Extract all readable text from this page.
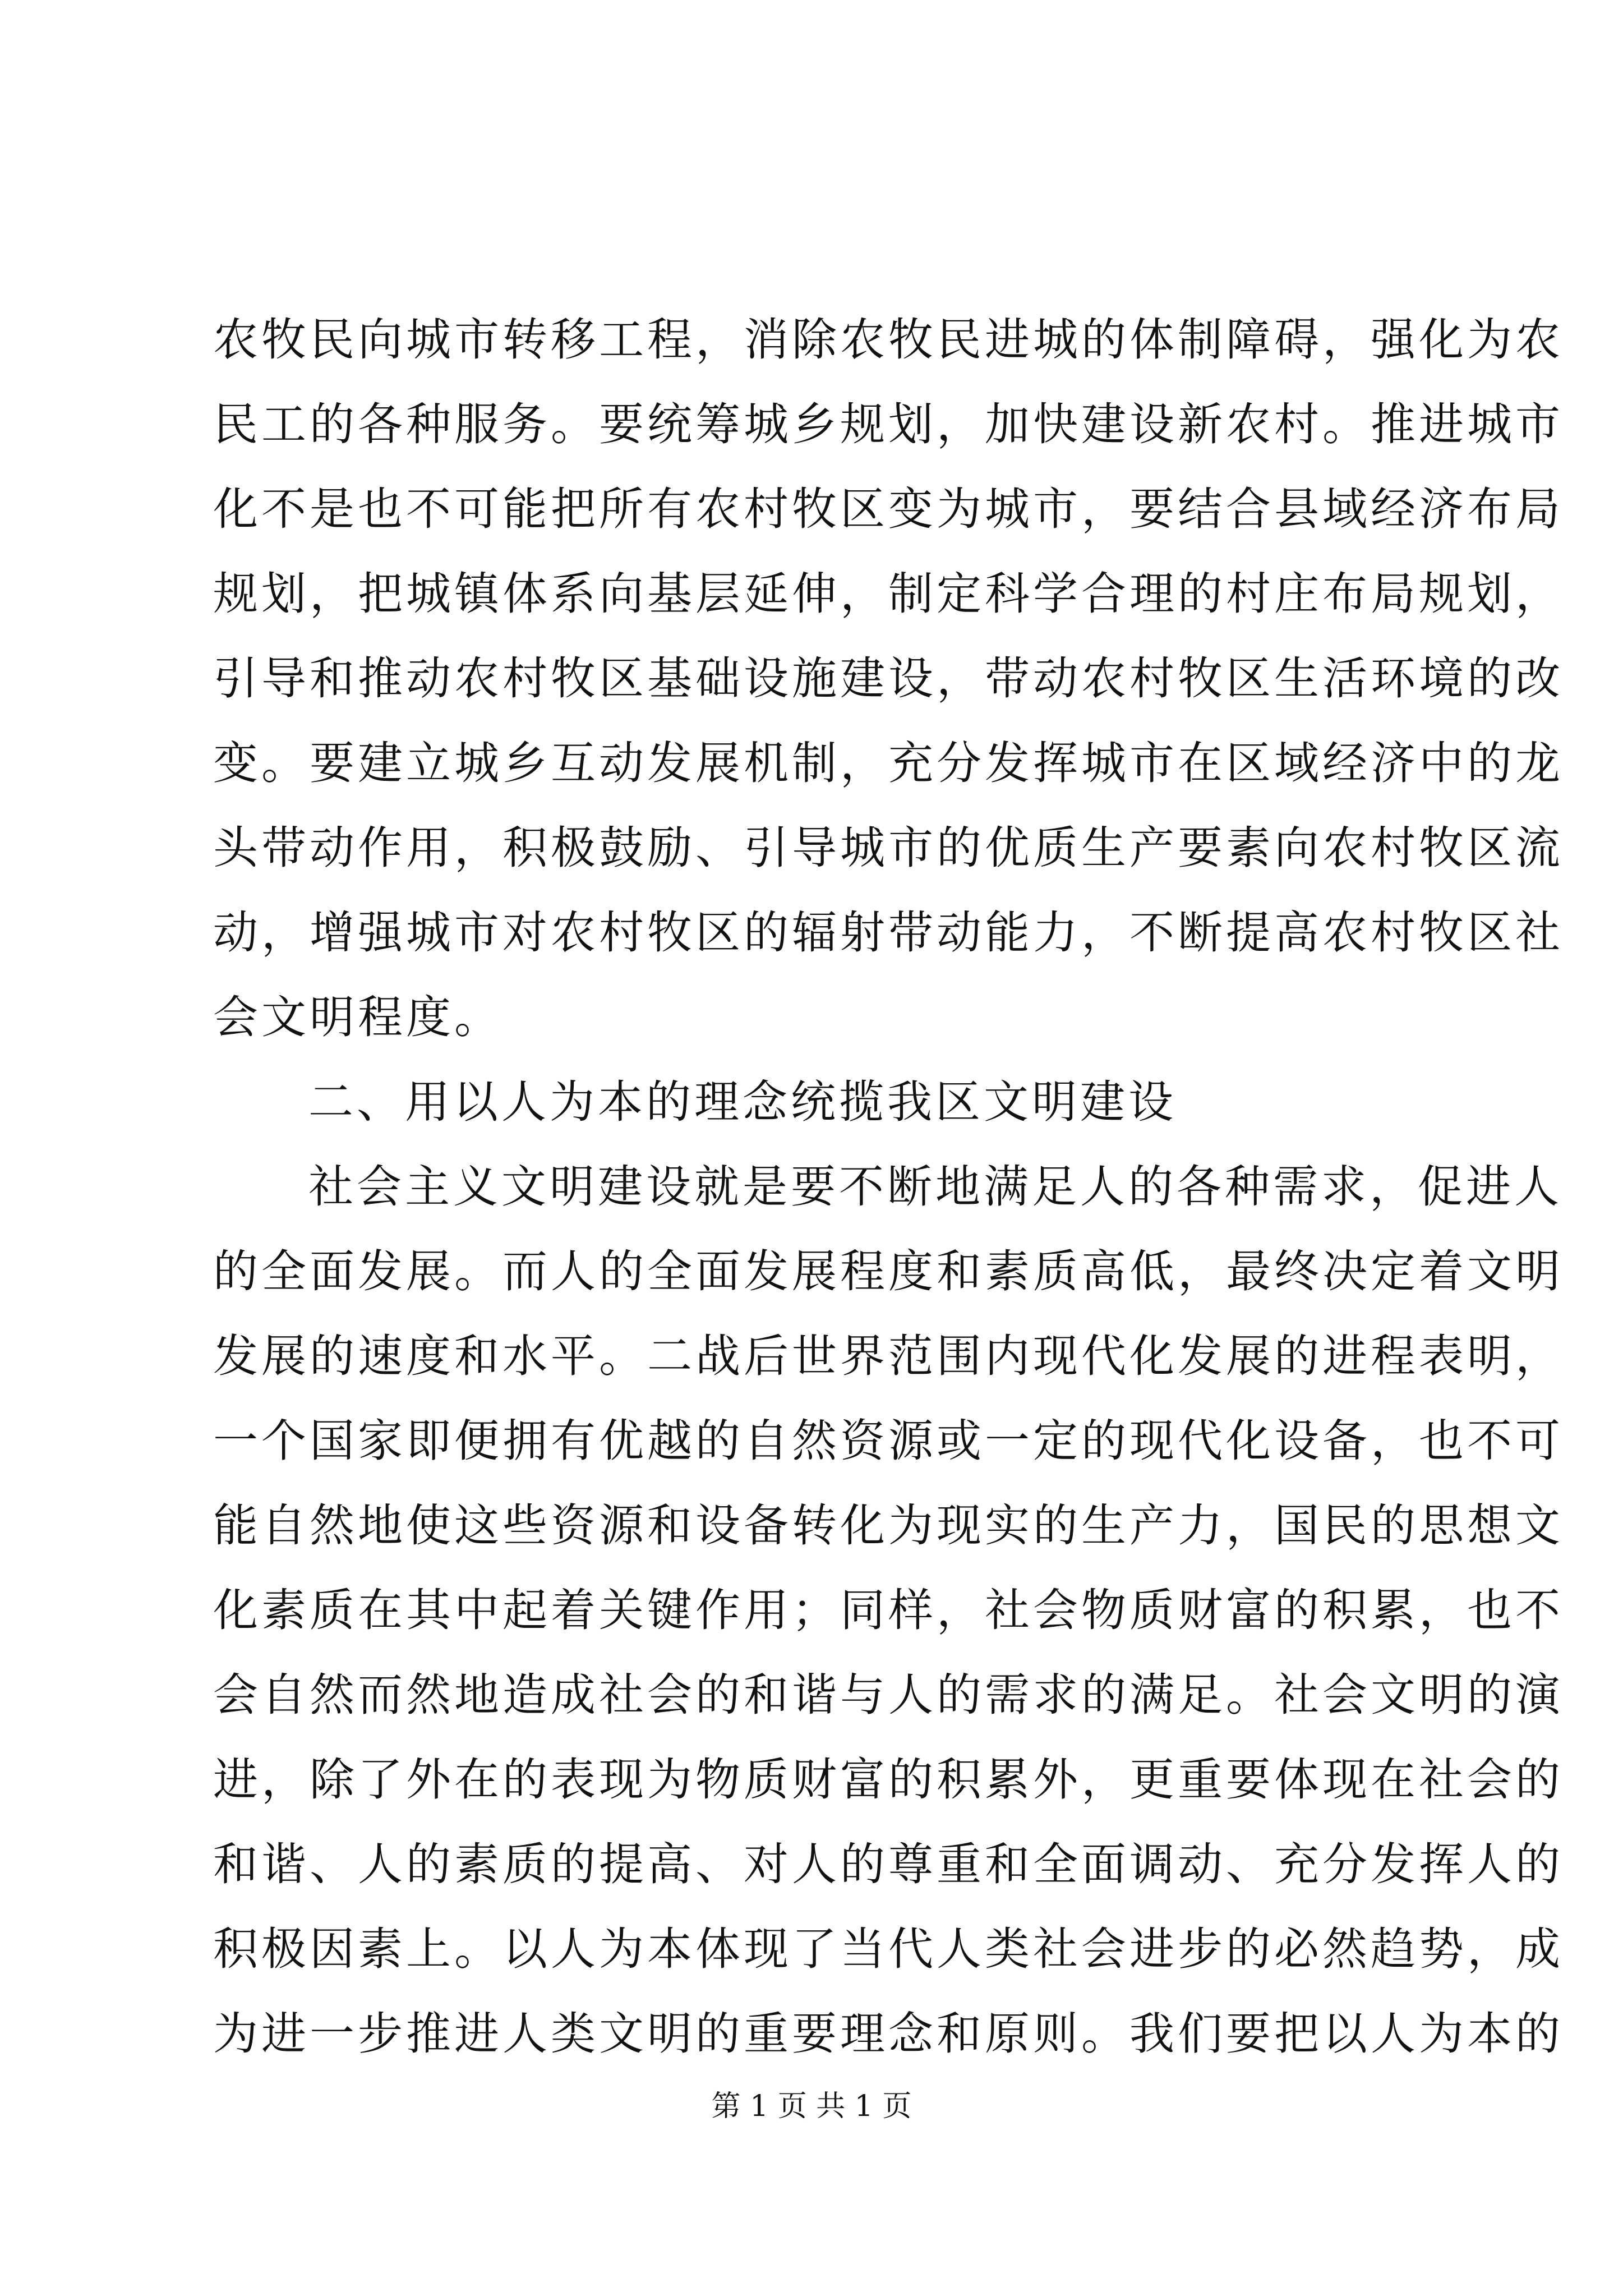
农牧民向城市转移工程，消除农牧民进城的体制障碍，强化为农
民工的各种服务。要统筹城乡规划，加快建设新农村。推进城市
化不是也不可能把所有农村牧区变为城市，要结合县域经济布局
规划，把城镇体系向基层延伸，制定科学合理的村庄布局规划，
引导和推动农村牧区基础设施建设，带动农村牧区生活环境的改
变。要建立城乡互动发展机制，充分发挥城市在区域经济中的龙
头带动作用，积极鼓励、引导城市的优质生产要素向农村牧区流
动，增强城市对农村牧区的辐射带动能力，不断提高农村牧区社
会文明程度。
二、用以人为本的理念统揽我区文明建设
社会主义文明建设就是要不断地满足人的各种需求，促进人
的全面发展。而人的全面发展程度和素质高低，最终决定着文明
发展的速度和水平。二战后世界范围内现代化发展的进程表明，
一个国家即便拥有优越的自然资源或一定的现代化设备，也不可
能自然地使这些资源和设备转化为现实的生产力，国民的思想文
化素质在其中起着关键作用；同样，社会物质财富的积累，也不
会自然而然地造成社会的和谐与人的需求的满足。社会文明的演
进，除了外在的表现为物质财富的积累外，更重要体现在社会的
和谐、人的素质的提高、对人的尊重和全面调动、充分发挥人的
积极因素上。以人为本体现了当代人类社会进步的必然趋势，成
为进一步推进人类文明的重要理念和原则。我们要把以人为本的
第 1 页 共 1 页
